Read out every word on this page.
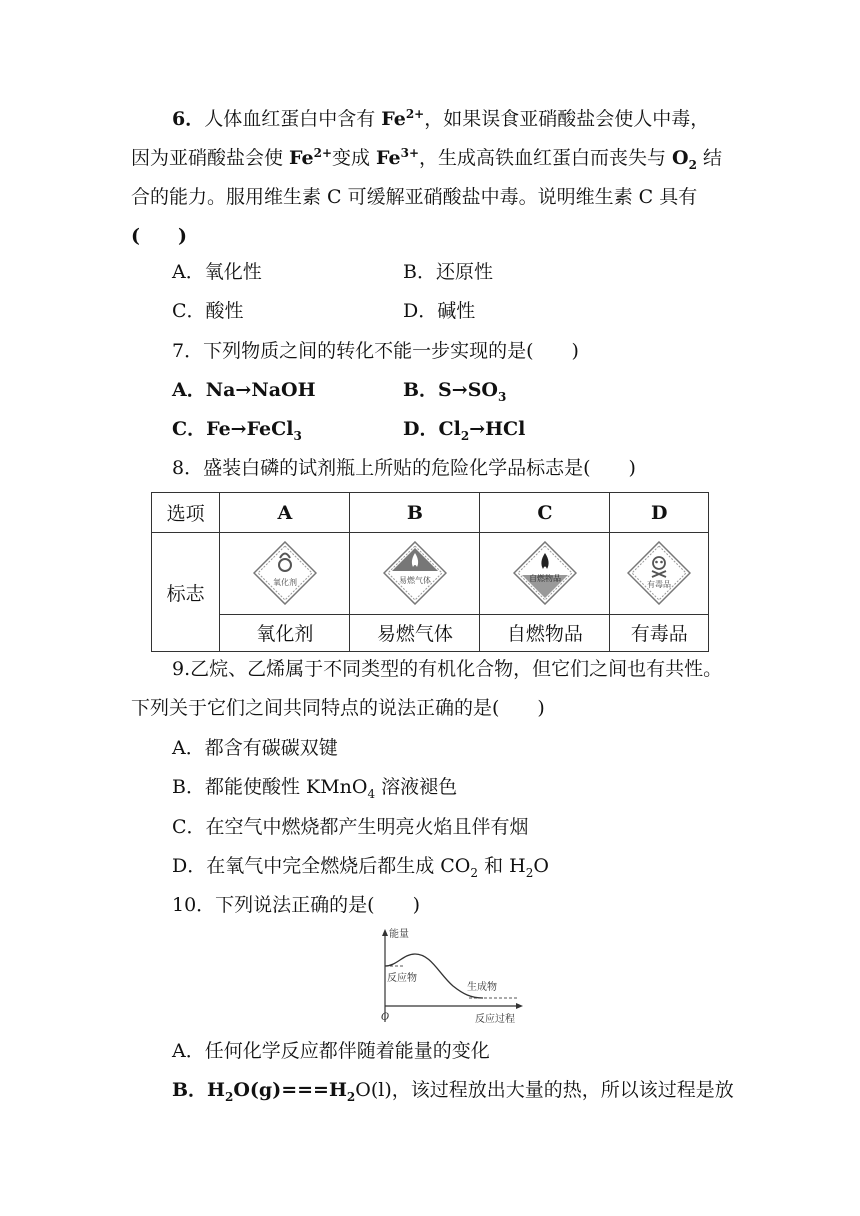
6．人体血红蛋白中含有 $Fe^{2+}$，如果误食亚硝酸盐会使人中毒，
因为亚硝酸盐会使 $Fe^{2+}$变成 $Fe^{3+}$，生成高铁血红蛋白而丧失与 $O_2$ 结
合的能力。服用维生素 C 可缓解亚硝酸盐中毒。说明维生素 C 具有
(　　)
A．氧化性	B．还原性
C．酸性	D．碱性
7．下列物质之间的转化不能一步实现的是(　　)
A．Na→NaOH	B．$S\to SO_3$
C．Fe→FeCl$_3$	D．$Cl_2\to HCl$
8．盛装白磷的试剂瓶上所贴的危险化学品标志是(　　)
选项	A	B	C	D
标志	氧化剂	易燃气体	自燃物品	有毒品

	氧化剂	易燃气体	自燃物品	有毒品
9.乙烷、乙烯属于不同类型的有机化合物，但它们之间也有共性。
下列关于它们之间共同特点的说法正确的是(　　)
A．都含有碳碳双键
B．都能使酸性 KMnO$_4$ 溶液褪色
C．在空气中燃烧都产生明亮火焰且伴有烟
D．在氧气中完全燃烧后都生成 $CO_2$ 和 $H_2O$
10．下列说法正确的是(　　)
能量
反应物
生成物
O	反应过程
A．任何化学反应都伴随着能量的变化
B．$H_2O(g)===H_2O(l)$，该过程放出大量的热，所以该过程是放
